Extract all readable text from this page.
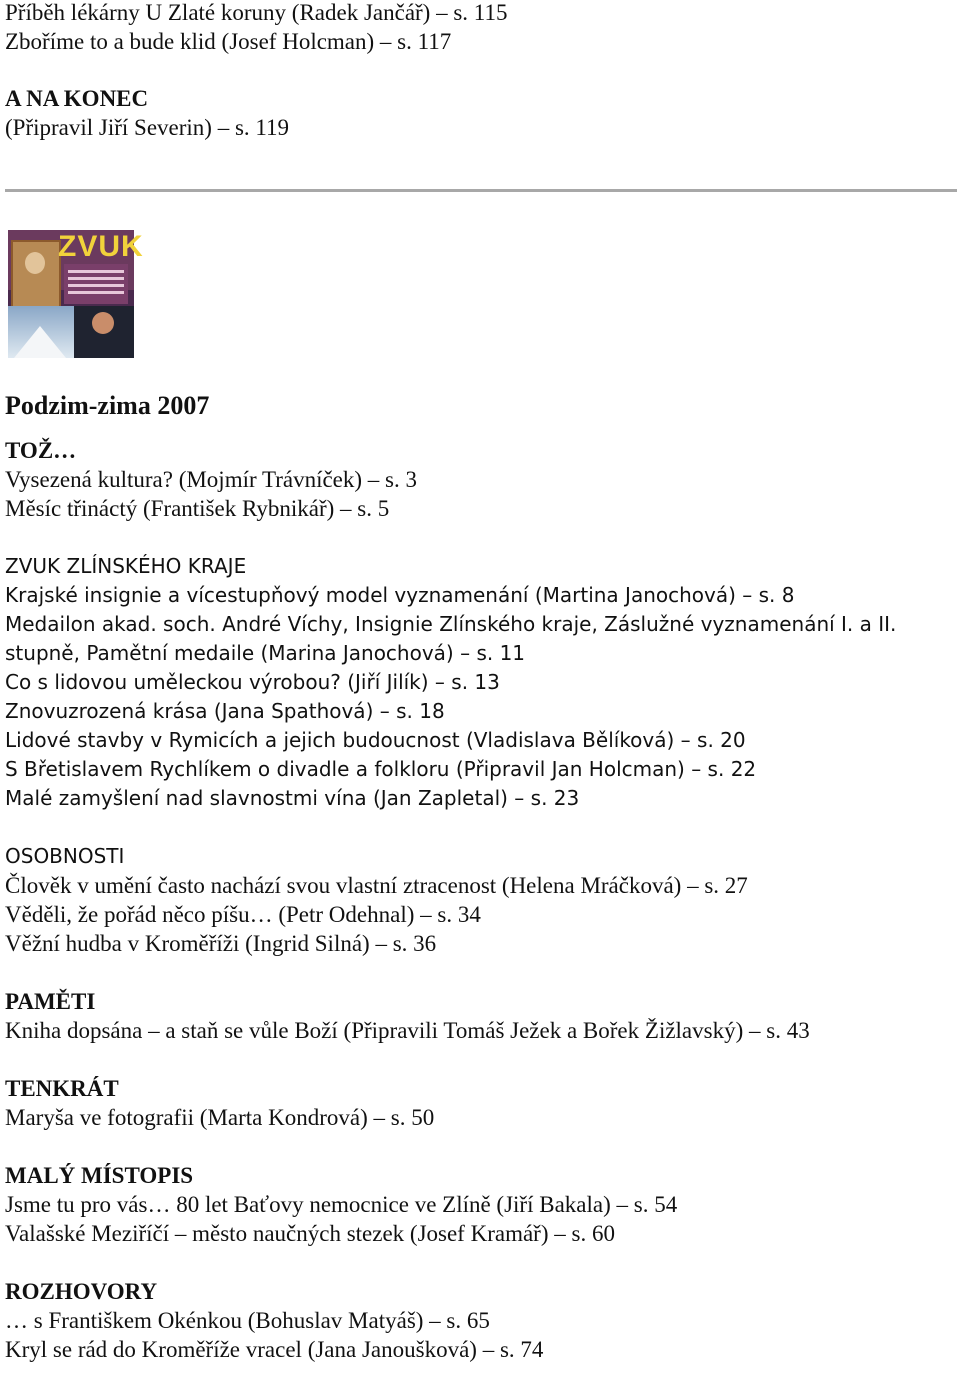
Příběh lékárny U Zlaté koruny (Radek Jančář) – s. 115
Zboříme to a bude klid (Josef Holcman) – s. 117
A NA KONEC
(Připravil Jiří Severin) – s. 119
ZVUK
Podzim-zima 2007
TOŽ…
Vysezená kultura? (Mojmír Trávníček) – s. 3
Měsíc třináctý (František Rybnikář) – s. 5
ZVUK ZLÍNSKÉHO KRAJE
Krajské insignie a vícestupňový model vyznamenání (Martina Janochová) – s. 8
Medailon akad. soch. André Víchy, Insignie Zlínského kraje, Záslužné vyznamenání I. a II.
stupně, Pamětní medaile (Marina Janochová) – s. 11
Co s lidovou uměleckou výrobou? (Jiří Jilík) – s. 13
Znovuzrozená krása (Jana Spathová) – s. 18
Lidové stavby v Rymicích a jejich budoucnost (Vladislava Bělíková) – s. 20
S Břetislavem Rychlíkem o divadle a folkloru (Připravil Jan Holcman) – s. 22
Malé zamyšlení nad slavnostmi vína (Jan Zapletal) – s. 23
OSOBNOSTI
Člověk v umění často nachází svou vlastní ztracenost (Helena Mráčková) – s. 27
Věděli, že pořád něco píšu… (Petr Odehnal) – s. 34
Věžní hudba v Kroměříži (Ingrid Silná) – s. 36
PAMĚTI
Kniha dopsána – a staň se vůle Boží (Připravili Tomáš Ježek a Bořek Žižlavský) – s. 43
TENKRÁT
Maryša ve fotografii (Marta Kondrová) – s. 50
MALÝ MÍSTOPIS
Jsme tu pro vás… 80 let Baťovy nemocnice ve Zlíně (Jiří Bakala) – s. 54
Valašské Meziříčí – město naučných stezek (Josef Kramář) – s. 60
ROZHOVORY
… s Františkem Okénkou (Bohuslav Matyáš) – s. 65
Kryl se rád do Kroměříže vracel (Jana Janoušková) – s. 74
